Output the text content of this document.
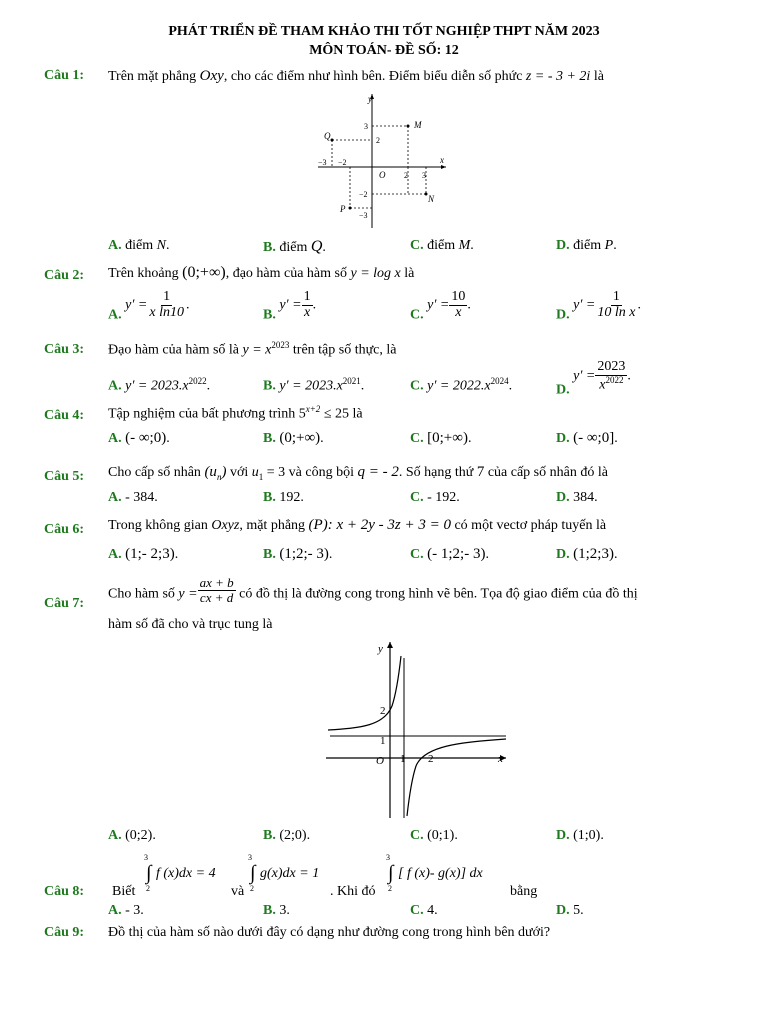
PHÁT TRIỂN ĐỀ THAM KHẢO THI TỐT NGHIỆP THPT NĂM 2023
MÔN TOÁN- ĐỀ SỐ: 12
Câu 1: Trên mặt phẳng Oxy, cho các điểm như hình bên. Điểm biểu diễn số phức z = - 3 + 2i là
y
x
O
Q
M
P
N
3
2
−3 −2
2 3
−2
−3
A. điểm N.	B. điểm Q.	C. điểm M.	D. điểm P.
Câu 2: Trên khoảng (0;+∞), đạo hàm của hàm số y = log x là
A. $y' = \frac{1}{\text{x ln10}}$ .
B. $y' = \frac{1}{x}$ .
C. $y' = \frac{10}{x}$ .
D. $y' = \frac{1}{\text{10 ln x}}$ .
Câu 3: Đạo hàm của hàm số là $y = x^{2023}$ trên tập số thực, là
A. $y' = 2023.x^{2022}$.	B. $y' = 2023.x^{2021}$.	C. $y' = 2022.x^{2024}$.	D. $y' = \frac{2023}{x^{2022}}$ .
Câu 4: Tập nghiệm của bất phương trình $5^{x+2} \le 25$ là
A. (- ∞;0).	B. (0;+∞).	C. [0;+∞).	D. (- ∞;0].
Câu 5: Cho cấp số nhân $(u_n)$ với $u_1 = 3$ và công bội q = - 2. Số hạng thứ 7 của cấp số nhân đó là
A. - 384.	B. 192.	C. - 192.	D. 384.
Câu 6: Trong không gian Oxyz, mặt phẳng (P): x + 2y - 3z + 3 = 0 có một vectơ pháp tuyến là
A. (1;- 2;3).	B. (1;2;- 3).	C. (- 1;2;- 3).	D. (1;2;3).
Câu 7:
Cho hàm số $y = \frac{ax + b}{cx + d}$ có đồ thị là đường cong trong hình vẽ bên. Tọa độ giao điểm của đồ thị
hàm số đã cho và trục tung là
y
x
O 1 2
1
2
A. (0;2).	B. (2;0).	C. (0;1).	D. (1;0).
Câu 8: Biết
3
2
∫ f (x)dx = 4
và
3
2
∫ g(x)dx = 1
. Khi đó
3
2
∫ [ f (x)- g(x)] dx
bằng
A. - 3.	B. 3.	C. 4.	D. 5.
Câu 9: Đồ thị của hàm số nào dưới đây có dạng như đường cong trong hình bên dưới?
